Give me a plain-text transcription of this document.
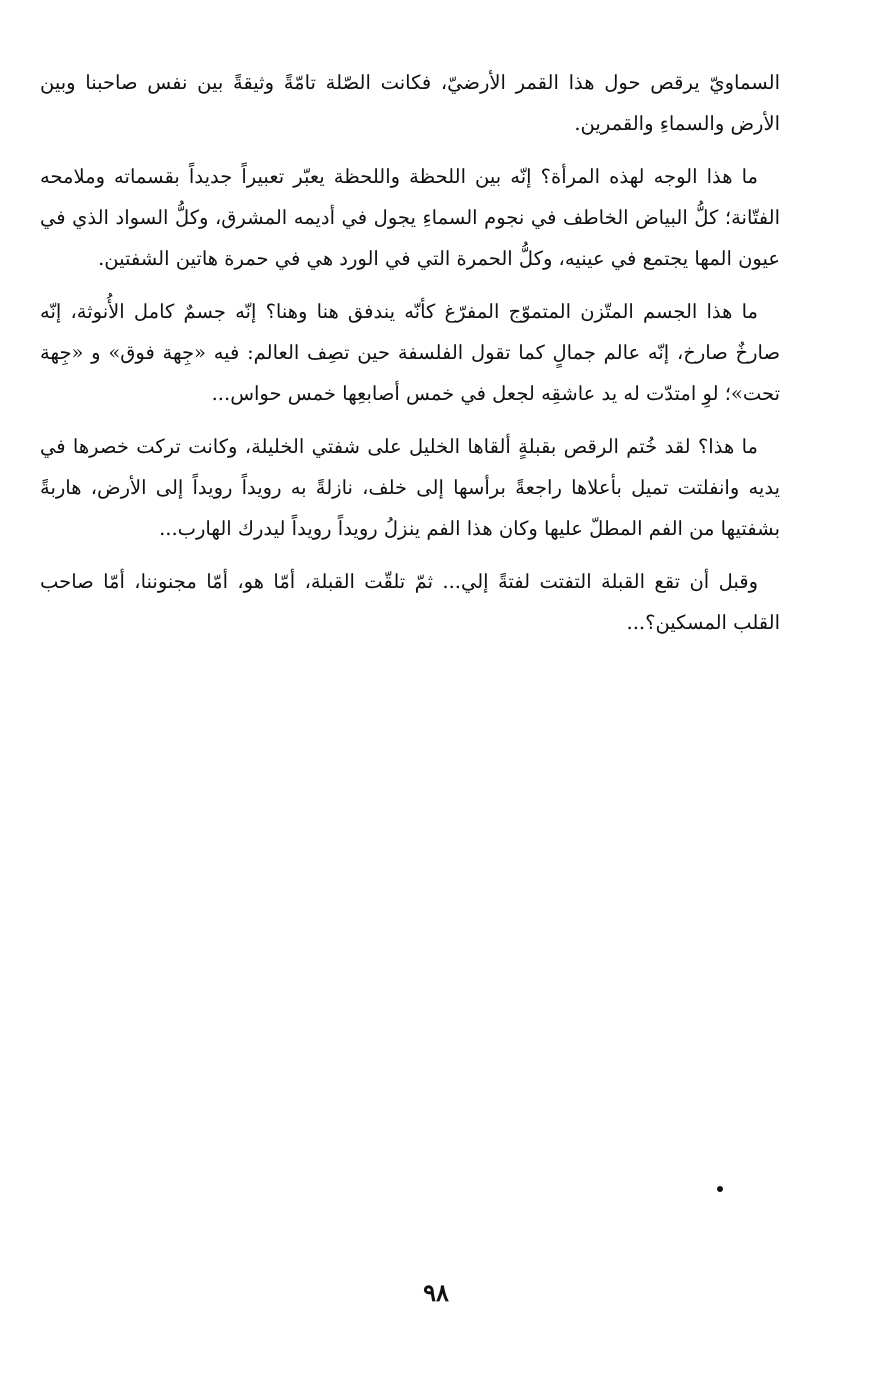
السماويّ يرقص حول هذا القمر الأرضيّ، فكانت الصّلة تامّةً وثيقةً بين نفس صاحبنا وبين الأرض والسماءِ والقمرين.

ما هذا الوجه لهذه المرأة؟ إنّه بين اللحظة واللحظة يعبّر تعبيراً جديداً بقسماته وملامحه الفتّانة؛ كلُّ البياض الخاطف في نجوم السماءِ يجول في أديمه المشرق، وكلُّ السواد الذي في عيون المها يجتمع في عينيه، وكلُّ الحمرة التي في الورد هي في حمرة هاتين الشفتين.

ما هذا الجسم المتّزن المتموّج المفرّغ كأنّه يندفق هنا وهنا؟ إنّه جسمٌ كامل الأُنوثة، إنّه صارخٌ صارخ، إنّه عالم جمالٍ كما تقول الفلسفة حين تصِف العالم: فيه «جِهة فوق» و «جِهة تحت»؛ لوِ امتدّت له يد عاشقِه لجعل في خمس أصابعِها خمس حواس...

ما هذا؟ لقد خُتم الرقص بقبلةٍ ألقاها الخليل على شفتي الخليلة، وكانت تركت خصرها في يديه وانفلتت تميل بأعلاها راجعةً برأسها إلى خلف، نازلةً به رويداً رويداً إلى الأرض، هاربةً بشفتيها من الفم المطلّ عليها وكان هذا الفم ينزلُ رويداً رويداً ليدرك الهارب...

وقبل أن تقع القبلة التفتت لفتةً إلي... ثمّ تلقّت القبلة، أمّا هو، أمّا مجنوننا، أمّا صاحب القلب المسكين؟...

٩٨
